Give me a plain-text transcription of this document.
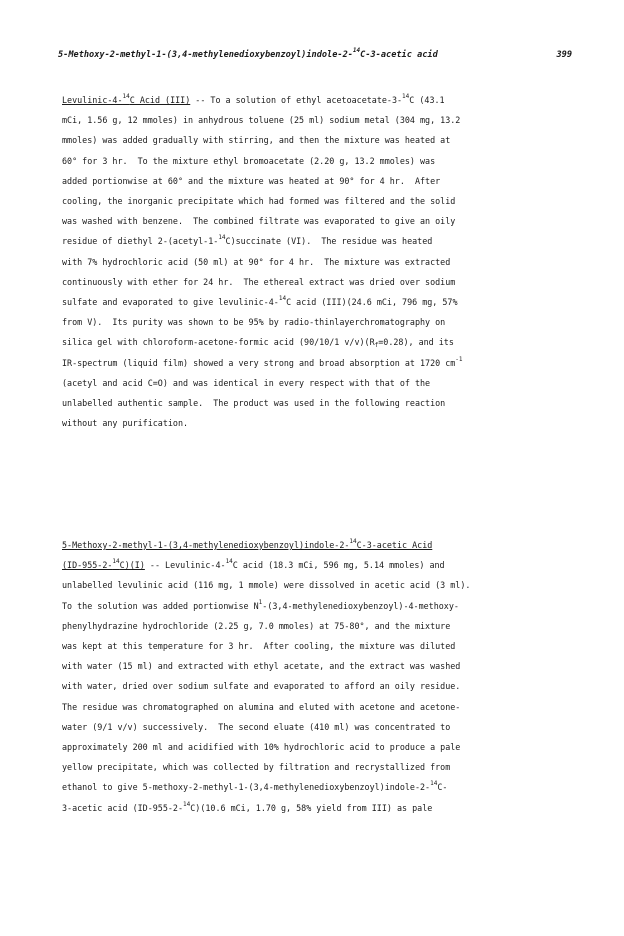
5-Methoxy-2-methyl-1-(3,4-methylenedioxybenzoyl)indole-2-$^{14}$C-3-acetic acid	399
Levulinic-4-$^{14}$C Acid (III) -- To a solution of ethyl acetoacetate-3-$^{14}$C (43.1
mCi, 1.56 g, 12 mmoles) in anhydrous toluene (25 ml) sodium metal (304 mg, 13.2
mmoles) was added gradually with stirring, and then the mixture was heated at
60° for 3 hr.  To the mixture ethyl bromoacetate (2.20 g, 13.2 mmoles) was
added portionwise at 60° and the mixture was heated at 90° for 4 hr.  After
cooling, the inorganic precipitate which had formed was filtered and the solid
was washed with benzene.  The combined filtrate was evaporated to give an oily
residue of diethyl 2-(acetyl-1-$^{14}$C)succinate (VI).  The residue was heated
with 7% hydrochloric acid (50 ml) at 90° for 4 hr.  The mixture was extracted
continuously with ether for 24 hr.  The ethereal extract was dried over sodium
sulfate and evaporated to give levulinic-4-$^{14}$C acid (III)(24.6 mCi, 796 mg, 57%
from V).  Its purity was shown to be 95% by radio-thinlayerchromatography on
silica gel with chloroform-acetone-formic acid (90/10/1 $v/v)(R_f=0.28)$, and its
IR-spectrum (liquid film) showed a very strong and broad absorption at 1720 $cm^{-1}$
(acetyl and acid C=O) and was identical in every respect with that of the
unlabelled authentic sample.  The product was used in the following reaction
without any purification.
5-Methoxy-2-methyl-1-(3,4-methylenedioxybenzoyl)indole-2-$^{14}$C-3-acetic Acid
(ID-955-2-$^{14}$C)(I) -- Levulinic-4-$^{14}$C acid (18.3 mCi, 596 mg, 5.14 mmoles) and
unlabelled levulinic acid (116 mg, 1 mmole) were dissolved in acetic acid (3 ml).
To the solution was added portionwise $N^1-(3,4-methylenedioxybenzoyl)-4-methoxy-$
phenylhydrazine hydrochloride (2.25 g, 7.0 mmoles) at 75-80°, and the mixture
was kept at this temperature for 3 hr.  After cooling, the mixture was diluted
with water (15 ml) and extracted with ethyl acetate, and the extract was washed
with water, dried over sodium sulfate and evaporated to afford an oily residue.
The residue was chromatographed on alumina and eluted with acetone and acetone-
water (9/1 v/v) successively.  The second eluate (410 ml) was concentrated to
approximately 200 ml and acidified with 10% hydrochloric acid to produce a pale
yellow precipitate, which was collected by filtration and recrystallized from
ethanol to give 5-methoxy-2-methyl-1-(3,4-methylenedioxybenzoyl)indole-2-$^{14}$C-
3-acetic acid (ID-955-2-$^{14}$C)(10.6 mCi, 1.70 g, 58% yield from III) as pale
